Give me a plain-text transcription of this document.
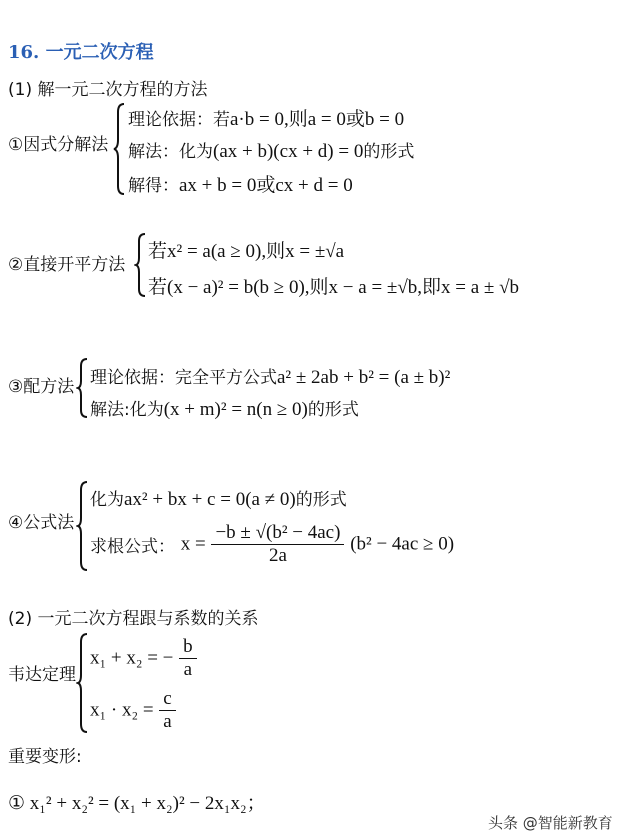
16. 一元二次方程
(1) 解一元二次方程的方法
①因式分解法
理论依据：若a·b = 0,则a = 0或b = 0
解法：化为(ax + b)(cx + d) = 0的形式
解得：ax + b = 0或cx + d = 0
②直接开平方法
若x² = a(a ≥ 0),则x = ±√a
若(x − a)² = b(b ≥ 0),则x − a = ±√b,即x = a ± √b
③配方法 理论依据：完全平方公式a² ± 2ab + b² = (a ± b)²
解法:化为(x + m)² = n(n ≥ 0)的形式
④公式法
化为ax² + bx + c = 0(a ≠ 0)的形式
求根公式： $x = \frac{\text{−b ± √(b² − 4ac)}}{2a} (b^2 - 4ac \ge 0)$
(2) 一元二次方程跟与系数的关系
韦达定理
x₁ + x₂ = − $\frac{b}{a}$
$x_1 \cdot x_2 = \frac{c}{a}$
重要变形:
① x₁² + x₂² = (x₁ + x₂)² − 2x₁x₂；
头条 @智能新教育
